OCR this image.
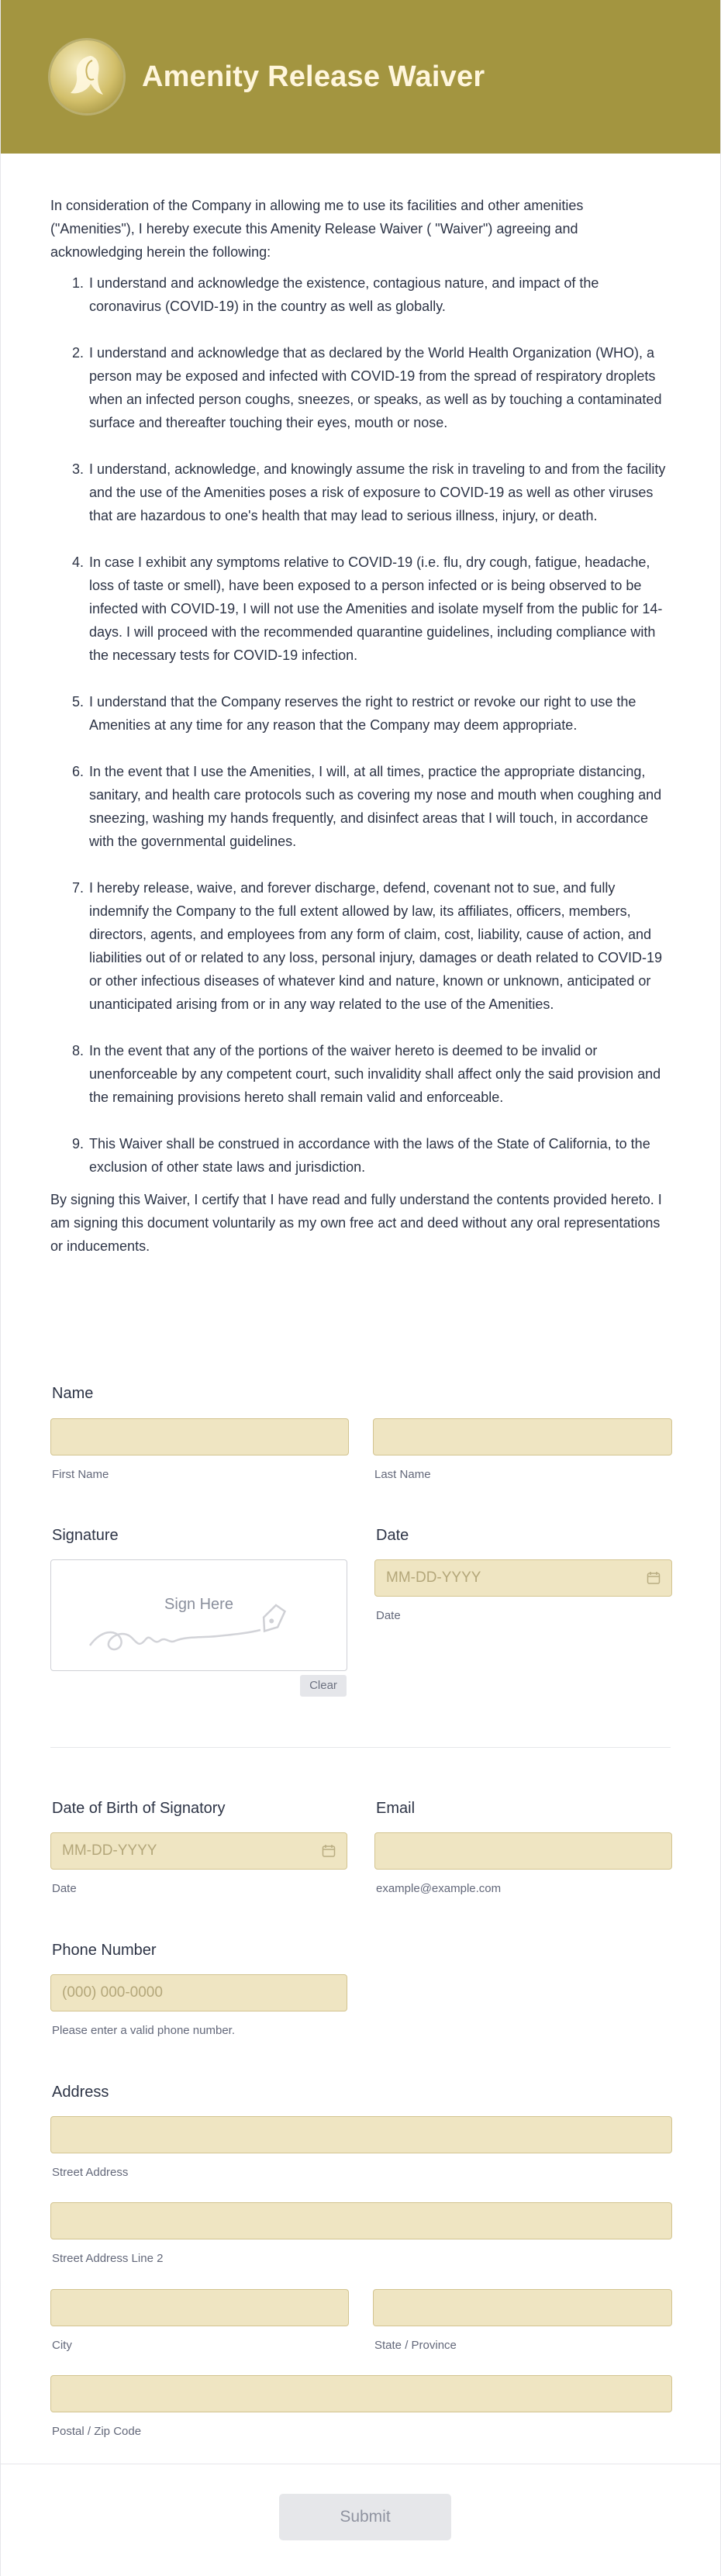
Amenity Release Waiver

In consideration of the Company in allowing me to use its facilities and other amenities ("Amenities"), I hereby execute this Amenity Release Waiver ( "Waiver") agreeing and acknowledging herein the following:

1. I understand and acknowledge the existence, contagious nature, and impact of the coronavirus (COVID-19) in the country as well as globally.
2. I understand and acknowledge that as declared by the World Health Organization (WHO), a person may be exposed and infected with COVID-19 from the spread of respiratory droplets when an infected person coughs, sneezes, or speaks, as well as by touching a contaminated surface and thereafter touching their eyes, mouth or nose.
3. I understand, acknowledge, and knowingly assume the risk in traveling to and from the facility and the use of the Amenities poses a risk of exposure to COVID-19 as well as other viruses that are hazardous to one's health that may lead to serious illness, injury, or death.
4. In case I exhibit any symptoms relative to COVID-19 (i.e. flu, dry cough, fatigue, headache, loss of taste or smell), have been exposed to a person infected or is being observed to be infected with COVID-19, I will not use the Amenities and isolate myself from the public for 14-days. I will proceed with the recommended quarantine guidelines, including compliance with the necessary tests for COVID-19 infection.
5. I understand that the Company reserves the right to restrict or revoke our right to use the Amenities at any time for any reason that the Company may deem appropriate.
6. In the event that I use the Amenities, I will, at all times, practice the appropriate distancing, sanitary, and health care protocols such as covering my nose and mouth when coughing and sneezing, washing my hands frequently, and disinfect areas that I will touch, in accordance with the governmental guidelines.
7. I hereby release, waive, and forever discharge, defend, covenant not to sue, and fully indemnify the Company to the full extent allowed by law, its affiliates, officers, members, directors, agents, and employees from any form of claim, cost, liability, cause of action, and liabilities out of or related to any loss, personal injury, damages or death related to COVID-19 or other infectious diseases of whatever kind and nature, known or unknown, anticipated or unanticipated arising from or in any way related to the use of the Amenities.
8. In the event that any of the portions of the waiver hereto is deemed to be invalid or unenforceable by any competent court, such invalidity shall affect only the said provision and the remaining provisions hereto shall remain valid and enforceable.
9. This Waiver shall be construed in accordance with the laws of the State of California, to the exclusion of other state laws and jurisdiction.

By signing this Waiver, I certify that I have read and fully understand the contents provided hereto. I am signing this document voluntarily as my own free act and deed without any oral representations or inducements.

Name
First Name	Last Name
Signature
Sign Here
Clear
Date
MM-DD-YYYY
Date
Date of Birth of Signatory
MM-DD-YYYY
Date
Email
example@example.com
Phone Number
(000) 000-0000
Please enter a valid phone number.
Address
Street Address
Street Address Line 2
City	State / Province
Postal / Zip Code
Submit
